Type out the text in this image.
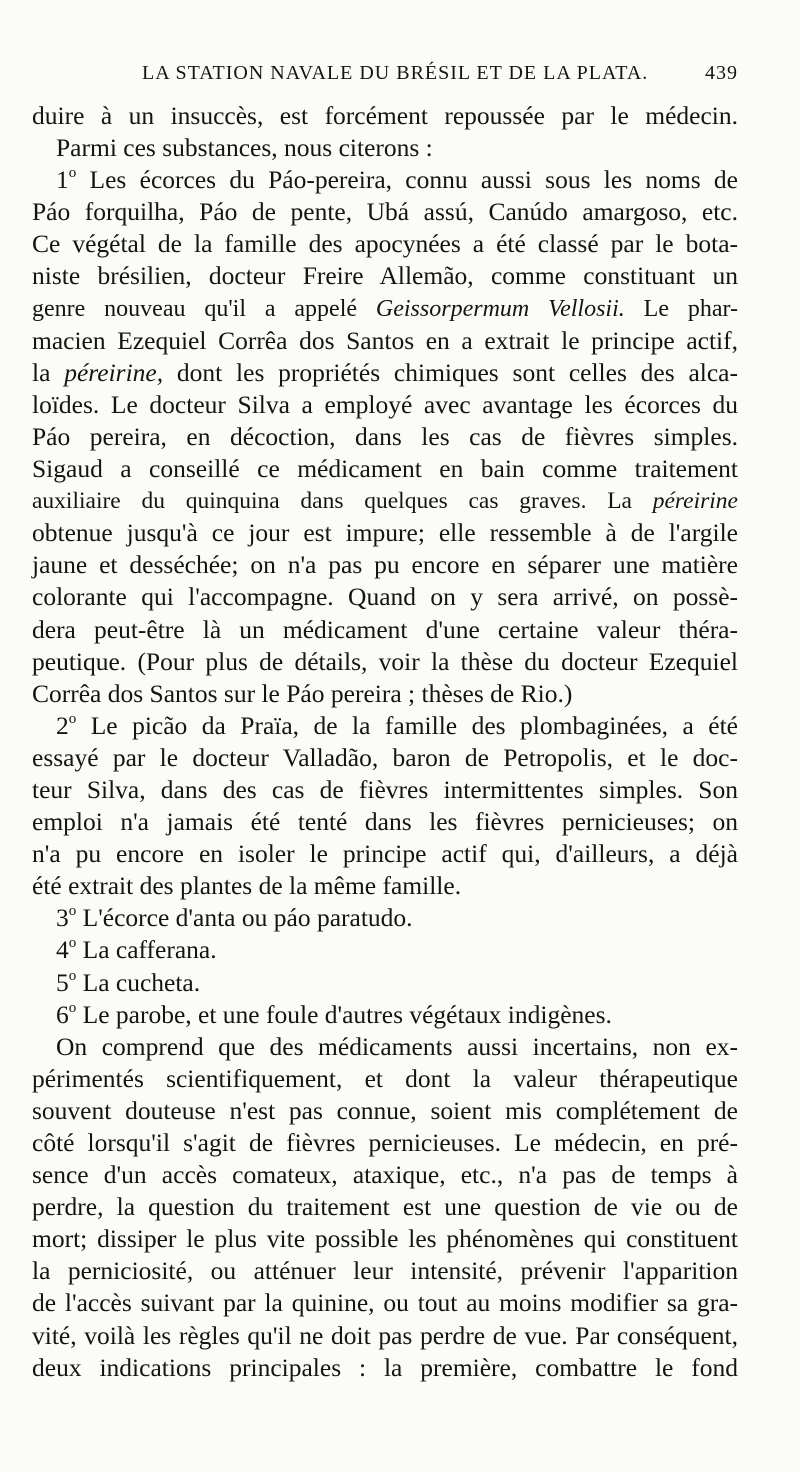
LA STATION NAVALE DU BRÉSIL ET DE LA PLATA.	439
duire à un insuccès, est forcément repoussée par le médecin.
Parmi ces substances, nous citerons :
1$^o$ Les écorces du Páo-pereira, connu aussi sous les noms de
Páo forquilha, Páo de pente, Ubá assú, Canúdo amargoso, etc.
Ce végétal de la famille des apocynées a été classé par le bota-
niste brésilien, docteur Freire Allemão, comme constituant un
genre nouveau qu'il a appelé Geissorpermum Vellosii. Le phar-
macien Ezequiel Corrêa dos Santos en a extrait le principe actif,
la péreirine, dont les propriétés chimiques sont celles des alca-
loïdes. Le docteur Silva a employé avec avantage les écorces du
Páo pereira, en décoction, dans les cas de fièvres simples.
Sigaud a conseillé ce médicament en bain comme traitement
auxiliaire du quinquina dans quelques cas graves. La péreirine
obtenue jusqu'à ce jour est impure; elle ressemble à de l'argile
jaune et desséchée; on n'a pas pu encore en séparer une matière
colorante qui l'accompagne. Quand on y sera arrivé, on possè-
dera peut-être là un médicament d'une certaine valeur théra-
peutique. (Pour plus de détails, voir la thèse du docteur Ezequiel
Corrêa dos Santos sur le Páo pereira ; thèses de Rio.)
2$^o$ Le picão da Praïa, de la famille des plombaginées, a été
essayé par le docteur Valladão, baron de Petropolis, et le doc-
teur Silva, dans des cas de fièvres intermittentes simples. Son
emploi n'a jamais été tenté dans les fièvres pernicieuses; on
n'a pu encore en isoler le principe actif qui, d'ailleurs, a déjà
été extrait des plantes de la même famille.
3$^o$ L'écorce d'anta ou páo paratudo.
4$^o$ La cafferana.
5$^o$ La cucheta.
6$^o$ Le parobe, et une foule d'autres végétaux indigènes.
On comprend que des médicaments aussi incertains, non ex-
périmentés scientifiquement, et dont la valeur thérapeutique
souvent douteuse n'est pas connue, soient mis complétement de
côté lorsqu'il s'agit de fièvres pernicieuses. Le médecin, en pré-
sence d'un accès comateux, ataxique, etc., n'a pas de temps à
perdre, la question du traitement est une question de vie ou de
mort; dissiper le plus vite possible les phénomènes qui constituent
la perniciosité, ou atténuer leur intensité, prévenir l'apparition
de l'accès suivant par la quinine, ou tout au moins modifier sa gra-
vité, voilà les règles qu'il ne doit pas perdre de vue. Par conséquent,
deux indications principales : la première, combattre le fond
